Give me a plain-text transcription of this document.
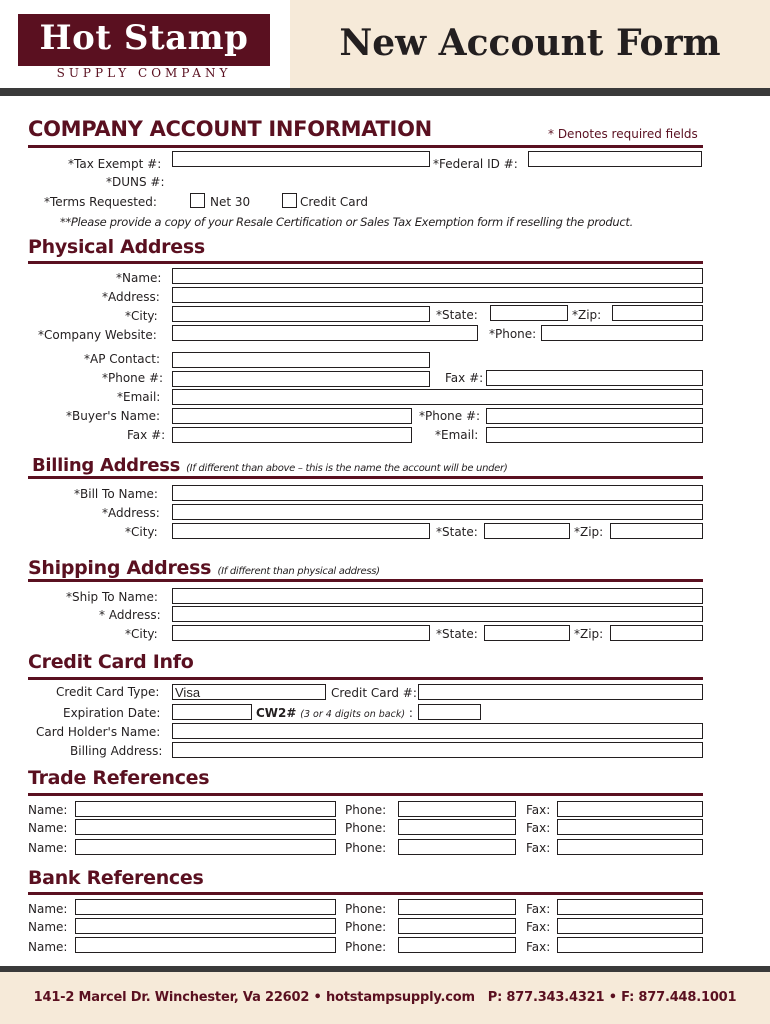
Hot Stamp
SUPPLY COMPANY
New Account Form
COMPANY ACCOUNT INFORMATION	* Denotes required fields
*Tax Exempt #:	*Federal ID #:
*DUNS #:
*Terms Requested:	Net 30	Credit Card
**Please provide a copy of your Resale Certification or Sales Tax Exemption form if reselling the product.
Physical Address
*Name:
*Address:
*City:	*State:	*Zip:
*Company Website:	*Phone:
*AP Contact:
*Phone #:	Fax #:
*Email:
*Buyer's Name:	*Phone #:
Fax #:	*Email:
Billing Address (If different than above – this is the name the account will be under)
*Bill To Name:
*Address:
*City:	*State:	*Zip:
Shipping Address (If different than physical address)
*Ship To Name:
* Address:
*City:	*State:	*Zip:
Credit Card Info
Credit Card Type: Visa	Credit Card #:
Expiration Date:	CW2# (3 or 4 digits on back) :
Card Holder's Name:
Billing Address:
Trade References
Name:	Phone:	Fax:
Name:	Phone:	Fax:
Name:	Phone:	Fax:
Bank References
Name:	Phone:	Fax:
Name:	Phone:	Fax:
Name:	Phone:	Fax:
141-2 Marcel Dr. Winchester, Va 22602 • hotstampsupply.com   P: 877.343.4321 • F: 877.448.1001
